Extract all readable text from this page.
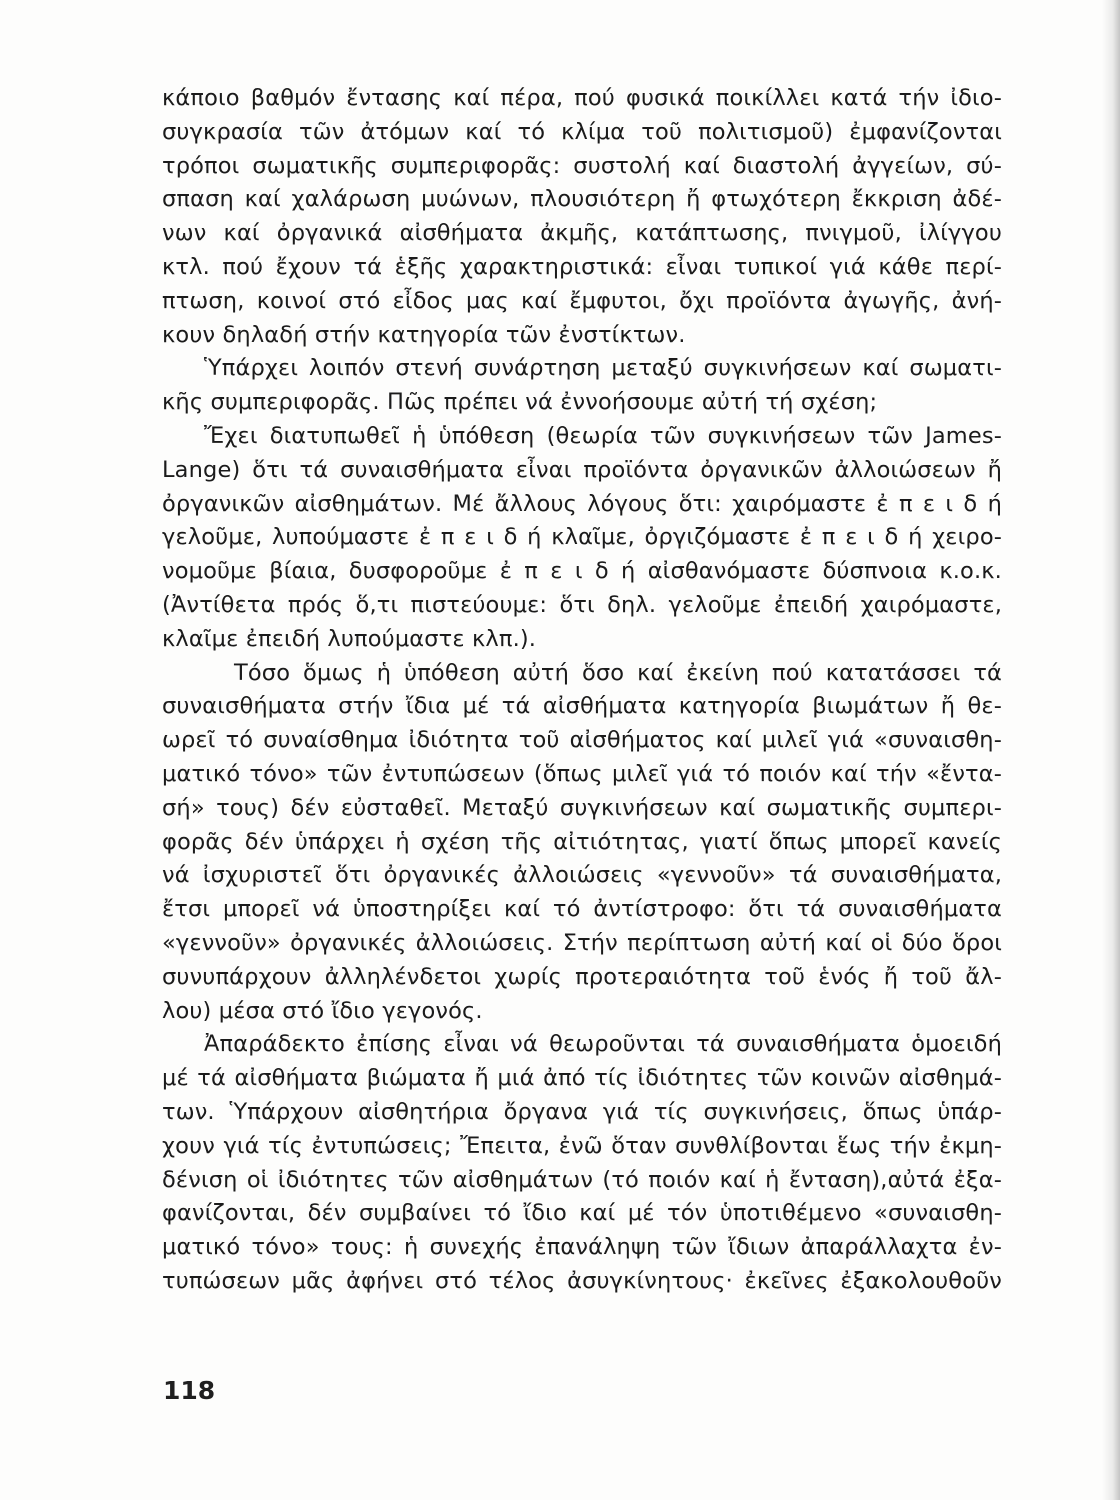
κάποιο βαθμόν ἔντασης καί πέρα, πού φυσικά ποικίλλει κατά τήν ἰδιο-
συγκρασία τῶν ἀτόμων καί τό κλίμα τοῦ πολιτισμοῦ) ἐμφανίζονται
τρόποι σωματικῆς συμπεριφορᾶς: συστολή καί διαστολή ἀγγείων, σύ-
σπαση καί χαλάρωση μυώνων, πλουσιότερη ἤ φτωχότερη ἔκκριση ἀδέ-
νων καί ὀργανικά αἰσθήματα ἀκμῆς, κατάπτωσης, πνιγμοῦ, ἰλίγγου
κτλ. πού ἔχουν τά ἑξῆς χαρακτηριστικά: εἶναι τυπικοί γιά κάθε περί-
πτωση, κοινοί στό εἶδος μας καί ἔμφυτοι, ὄχι προϊόντα ἀγωγῆς, ἀνή-
κουν δηλαδή στήν κατηγορία τῶν ἐνστίκτων.
Ὑπάρχει λοιπόν στενή συνάρτηση μεταξύ συγκινήσεων καί σωματι-
κῆς συμπεριφορᾶς. Πῶς πρέπει νά ἐννοήσουμε αὐτή τή σχέση;
Ἔχει διατυπωθεῖ ἡ ὑπόθεση (θεωρία τῶν συγκινήσεων τῶν James-
Lange) ὅτι τά συναισθήματα εἶναι προϊόντα ὀργανικῶν ἀλλοιώσεων ἤ
ὀργανικῶν αἰσθημάτων. Μέ ἄλλους λόγους ὅτι: χαιρόμαστε ἐ π ε ι δ ή
γελοῦμε, λυπούμαστε ἐ π ε ι δ ή κλαῖμε, ὀργιζόμαστε ἐ π ε ι δ ή χειρο-
νομοῦμε βίαια, δυσφοροῦμε ἐ π ε ι δ ή αἰσθανόμαστε δύσπνοια κ.ο.κ.
(Ἀντίθετα πρός ὅ,τι πιστεύουμε: ὅτι δηλ. γελοῦμε ἐπειδή χαιρόμαστε,
κλαῖμε ἐπειδή λυπούμαστε κλπ.).
Τόσο ὅμως ἡ ὑπόθεση αὐτή ὅσο καί ἐκείνη πού κατατάσσει τά
συναισθήματα στήν ἴδια μέ τά αἰσθήματα κατηγορία βιωμάτων ἤ θε-
ωρεῖ τό συναίσθημα ἰδιότητα τοῦ αἰσθήματος καί μιλεῖ γιά «συναισθη-
ματικό τόνο» τῶν ἐντυπώσεων (ὅπως μιλεῖ γιά τό ποιόν καί τήν «ἔντα-
σή» τους) δέν εὐσταθεῖ. Μεταξύ συγκινήσεων καί σωματικῆς συμπερι-
φορᾶς δέν ὑπάρχει ἡ σχέση τῆς αἰτιότητας, γιατί ὅπως μπορεῖ κανείς
νά ἰσχυριστεῖ ὅτι ὀργανικές ἀλλοιώσεις «γεννοῦν» τά συναισθήματα,
ἔτσι μπορεῖ νά ὑποστηρίξει καί τό ἀντίστροφο: ὅτι τά συναισθήματα
«γεννοῦν» ὀργανικές ἀλλοιώσεις. Στήν περίπτωση αὐτή καί οἱ δύο ὅροι
συνυπάρχουν ἀλληλένδετοι χωρίς προτεραιότητα τοῦ ἑνός ἤ τοῦ ἄλ-
λου) μέσα στό ἴδιο γεγονός.
Ἀπαράδεκτο ἐπίσης εἶναι νά θεωροῦνται τά συναισθήματα ὁμοειδή
μέ τά αἰσθήματα βιώματα ἤ μιά ἀπό τίς ἰδιότητες τῶν κοινῶν αἰσθημά-
των. Ὑπάρχουν αἰσθητήρια ὄργανα γιά τίς συγκινήσεις, ὅπως ὑπάρ-
χουν γιά τίς ἐντυπώσεις; Ἔπειτα, ἐνῶ ὅταν συνθλίβονται ἕως τήν ἐκμη-
δένιση οἱ ἰδιότητες τῶν αἰσθημάτων (τό ποιόν καί ἡ ἔνταση),αὐτά ἐξα-
φανίζονται, δέν συμβαίνει τό ἴδιο καί μέ τόν ὑποτιθέμενο «συναισθη-
ματικό τόνο» τους: ἡ συνεχής ἐπανάληψη τῶν ἴδιων ἀπαράλλαχτα ἐν-
τυπώσεων μᾶς ἀφήνει στό τέλος ἀσυγκίνητους· ἐκεῖνες ἐξακολουθοῦν
118
